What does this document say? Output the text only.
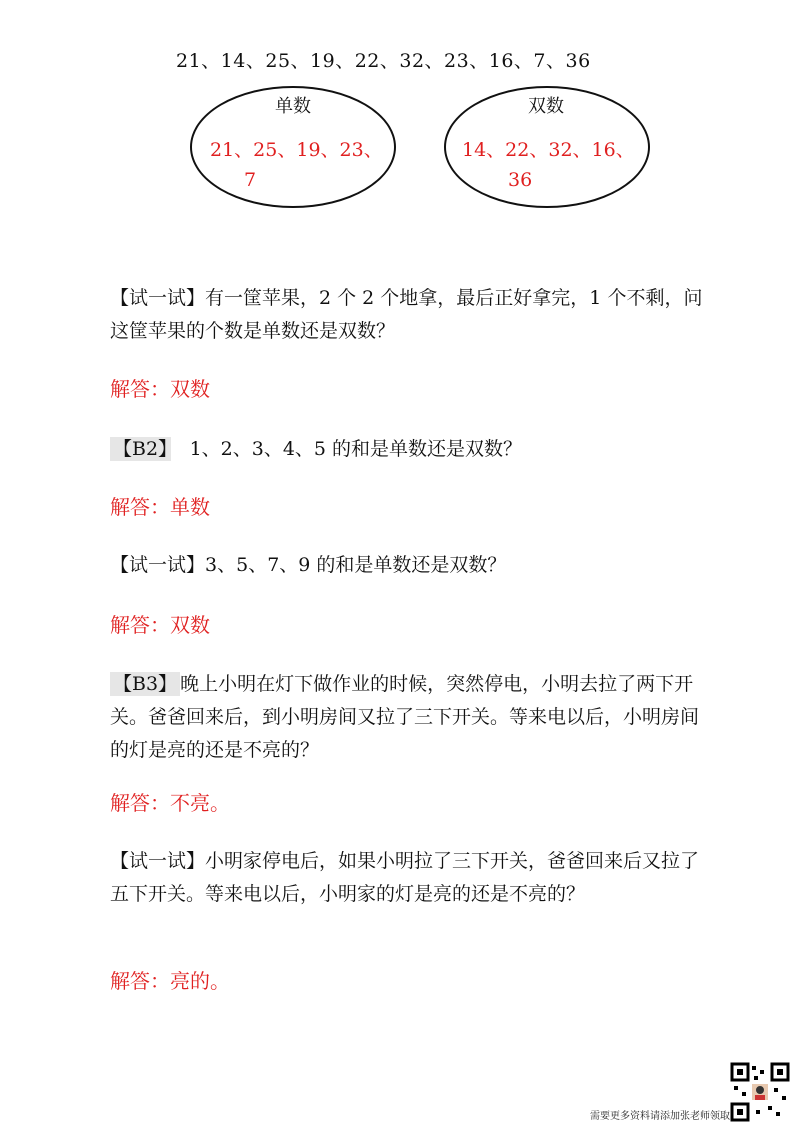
21、14、25、19、22、32、23、16、7、36
单数
21、25、19、23、
7
双数
14、22、32、16、
36
【试一试】有一筐苹果，2 个 2 个地拿，最后正好拿完，1 个不剩，问这筐苹果的个数是单数还是双数？
解答：双数
【B2】　1、2、3、4、5 的和是单数还是双数？
解答：单数
【试一试】3、5、7、9 的和是单数还是双数？
解答：双数
【B3】 晚上小明在灯下做作业的时候，突然停电，小明去拉了两下开关。爸爸回来后，到小明房间又拉了三下开关。等来电以后，小明房间的灯是亮的还是不亮的？
解答：不亮。
【试一试】小明家停电后，如果小明拉了三下开关，爸爸回来后又拉了五下开关。等来电以后，小明家的灯是亮的还是不亮的？
解答：亮的。
需要更多资料请添加张老师领取
